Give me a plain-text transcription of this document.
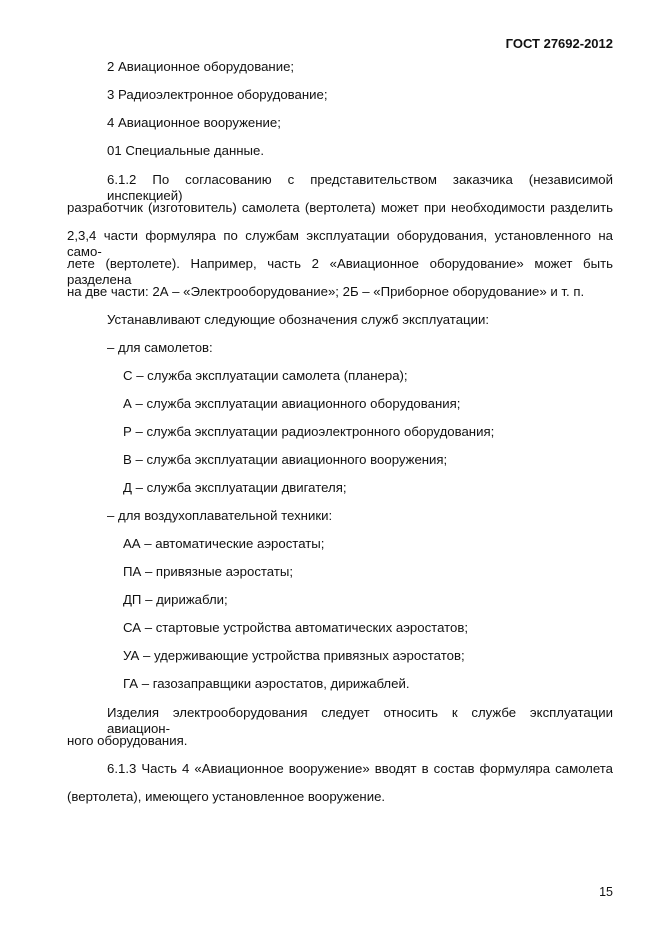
ГОСТ 27692-2012
2 Авиационное оборудование;
3 Радиоэлектронное оборудование;
4 Авиационное вооружение;
01 Специальные данные.
6.1.2 По согласованию с представительством заказчика (независимой инспекцией)
разработчик (изготовитель) самолета (вертолета) может при необходимости разделить
2,3,4 части формуляра по службам эксплуатации оборудования, установленного на само-
лете (вертолете). Например, часть 2 «Авиационное оборудование» может быть разделена
на две части: 2А – «Электрооборудование»; 2Б – «Приборное оборудование» и т. п.
Устанавливают следующие обозначения служб эксплуатации:
– для самолетов:
С – служба эксплуатации самолета (планера);
А – служба эксплуатации авиационного оборудования;
Р – служба эксплуатации радиоэлектронного оборудования;
В – служба эксплуатации авиационного вооружения;
Д – служба эксплуатации двигателя;
– для воздухоплавательной техники:
АА – автоматические аэростаты;
ПА – привязные аэростаты;
ДП – дирижабли;
СА – стартовые устройства автоматических аэростатов;
УА – удерживающие устройства привязных аэростатов;
ГА – газозаправщики аэростатов, дирижаблей.
Изделия электрооборудования следует относить к службе эксплуатации авиацион-
ного оборудования.
6.1.3 Часть 4 «Авиационное вооружение» вводят в состав формуляра самолета
(вертолета), имеющего установленное вооружение.
15
